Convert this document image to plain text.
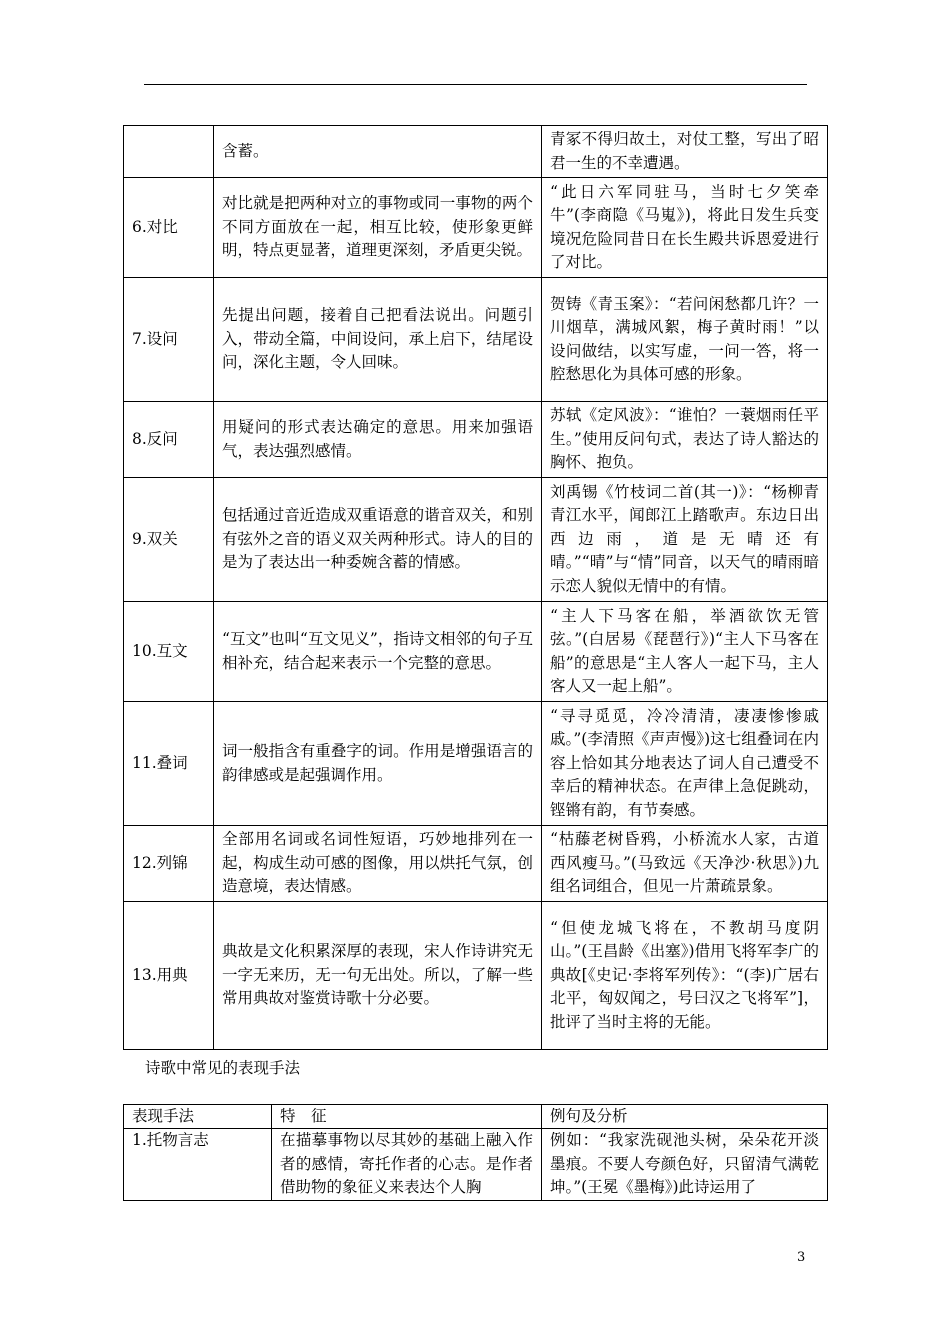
	含蓄。	青冢不得归故土，对仗工整，写出了昭君一生的不幸遭遇。
6.对比	对比就是把两种对立的事物或同一事物的两个不同方面放在一起，相互比较，使形象更鲜明，特点更显著，道理更深刻，矛盾更尖锐。	“此日六军同驻马，当时七夕笑牵牛”(李商隐《马嵬》)，将此日发生兵变境况危险同昔日在长生殿共诉恩爱进行了对比。
7.设问	先提出问题，接着自己把看法说出。问题引入，带动全篇，中间设问，承上启下，结尾设问，深化主题，令人回味。	贺铸《青玉案》：“若问闲愁都几许？一川烟草，满城风絮，梅子黄时雨！”以设问做结，以实写虚，一问一答，将一腔愁思化为具体可感的形象。
8.反问	用疑问的形式表达确定的意思。用来加强语气，表达强烈感情。	苏轼《定风波》：“谁怕？一蓑烟雨任平生。”使用反问句式，表达了诗人豁达的胸怀、抱负。
9.双关	包括通过音近造成双重语意的谐音双关，和别有弦外之音的语义双关两种形式。诗人的目的是为了表达出一种委婉含蓄的情感。	刘禹锡《竹枝词二首(其一)》：“杨柳青青江水平，闻郎江上踏歌声。东边日出西边雨，道是无晴还有晴。”“晴”与“情”同音，以天气的晴雨暗示恋人貌似无情中的有情。
10.互文	“互文”也叫“互文见义”，指诗文相邻的句子互相补充，结合起来表示一个完整的意思。	“主人下马客在船，举酒欲饮无管弦。”(白居易《琵琶行》)“主人下马客在船”的意思是“主人客人一起下马，主人客人又一起上船”。
11.叠词	词一般指含有重叠字的词。作用是增强语言的韵律感或是起强调作用。	“寻寻觅觅，冷冷清清，凄凄惨惨戚戚。”(李清照《声声慢》)这七组叠词在内容上恰如其分地表达了词人自己遭受不幸后的精神状态。在声律上急促跳动，铿锵有韵，有节奏感。
12.列锦	全部用名词或名词性短语，巧妙地排列在一起，构成生动可感的图像，用以烘托气氛，创造意境，表达情感。	“枯藤老树昏鸦，小桥流水人家，古道西风瘦马。”(马致远《天净沙·秋思》)九组名词组合，但见一片萧疏景象。
13.用典	典故是文化积累深厚的表现，宋人作诗讲究无一字无来历，无一句无出处。所以，了解一些常用典故对鉴赏诗歌十分必要。	“但使龙城飞将在，不教胡马度阴山。”(王昌龄《出塞》)借用飞将军李广的典故[《史记·李将军列传》：“(李)广居右北平，匈奴闻之，号曰汉之飞将军”]，批评了当时主将的无能。
诗歌中常见的表现手法
表现手法	特　征	例句及分析
1.托物言志	在描摹事物以尽其妙的基础上融入作者的感情，寄托作者的心志。是作者借助物的象征义来表达个人胸	例如：“我家洗砚池头树，朵朵花开淡墨痕。不要人夸颜色好，只留清气满乾坤。”(王冕《墨梅》)此诗运用了
3
